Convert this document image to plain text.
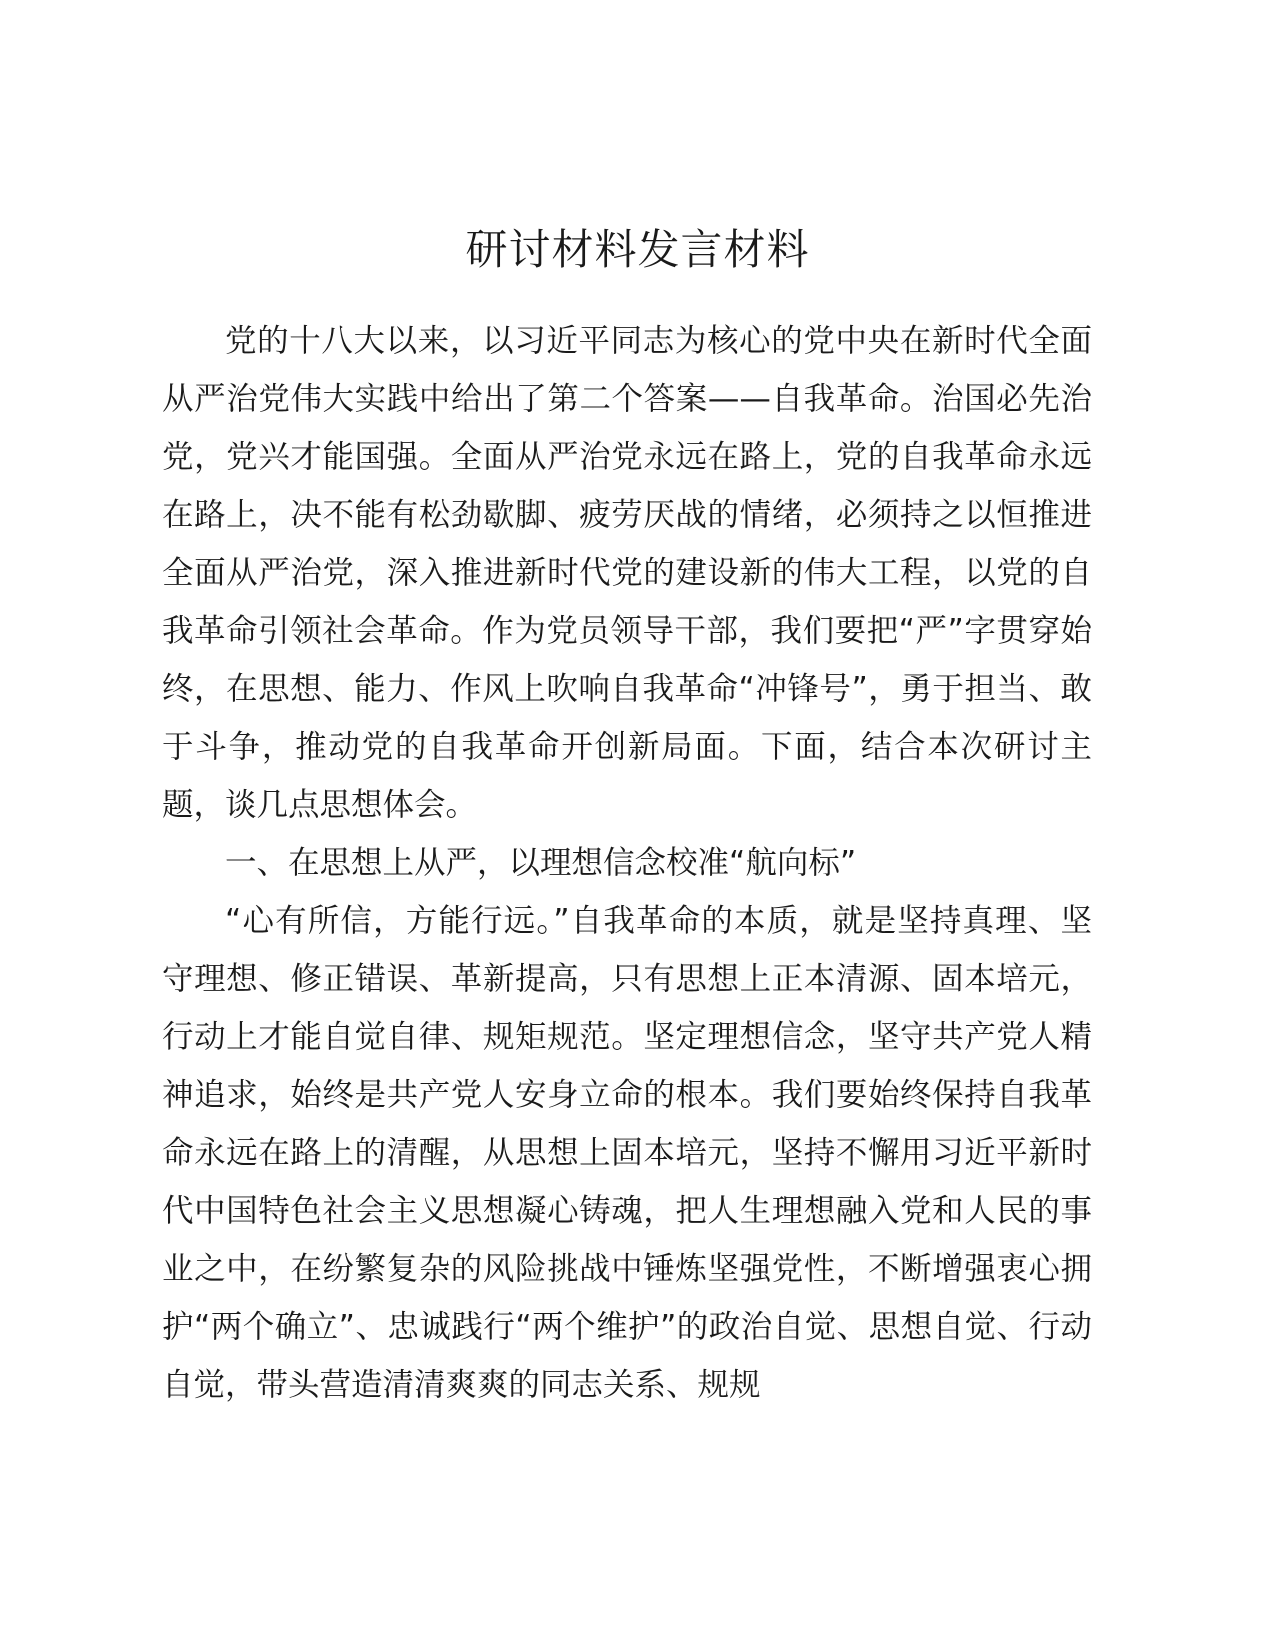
研讨材料发言材料

党的十八大以来，以习近平同志为核心的党中央在新时代全面从严治党伟大实践中给出了第二个答案——自我革命。治国必先治党，党兴才能国强。全面从严治党永远在路上，党的自我革命永远在路上，决不能有松劲歇脚、疲劳厌战的情绪，必须持之以恒推进全面从严治党，深入推进新时代党的建设新的伟大工程，以党的自我革命引领社会革命。作为党员领导干部，我们要把“严”字贯穿始终，在思想、能力、作风上吹响自我革命“冲锋号”，勇于担当、敢于斗争，推动党的自我革命开创新局面。下面，结合本次研讨主题，谈几点思想体会。

一、在思想上从严，以理想信念校准“航向标”

“心有所信，方能行远。”自我革命的本质，就是坚持真理、坚守理想、修正错误、革新提高，只有思想上正本清源、固本培元，行动上才能自觉自律、规矩规范。坚定理想信念，坚守共产党人精神追求，始终是共产党人安身立命的根本。我们要始终保持自我革命永远在路上的清醒，从思想上固本培元，坚持不懈用习近平新时代中国特色社会主义思想凝心铸魂，把人生理想融入党和人民的事业之中，在纷繁复杂的风险挑战中锤炼坚强党性，不断增强衷心拥护“两个确立”、忠诚践行“两个维护”的政治自觉、思想自觉、行动自觉，带头营造清清爽爽的同志关系、规规
